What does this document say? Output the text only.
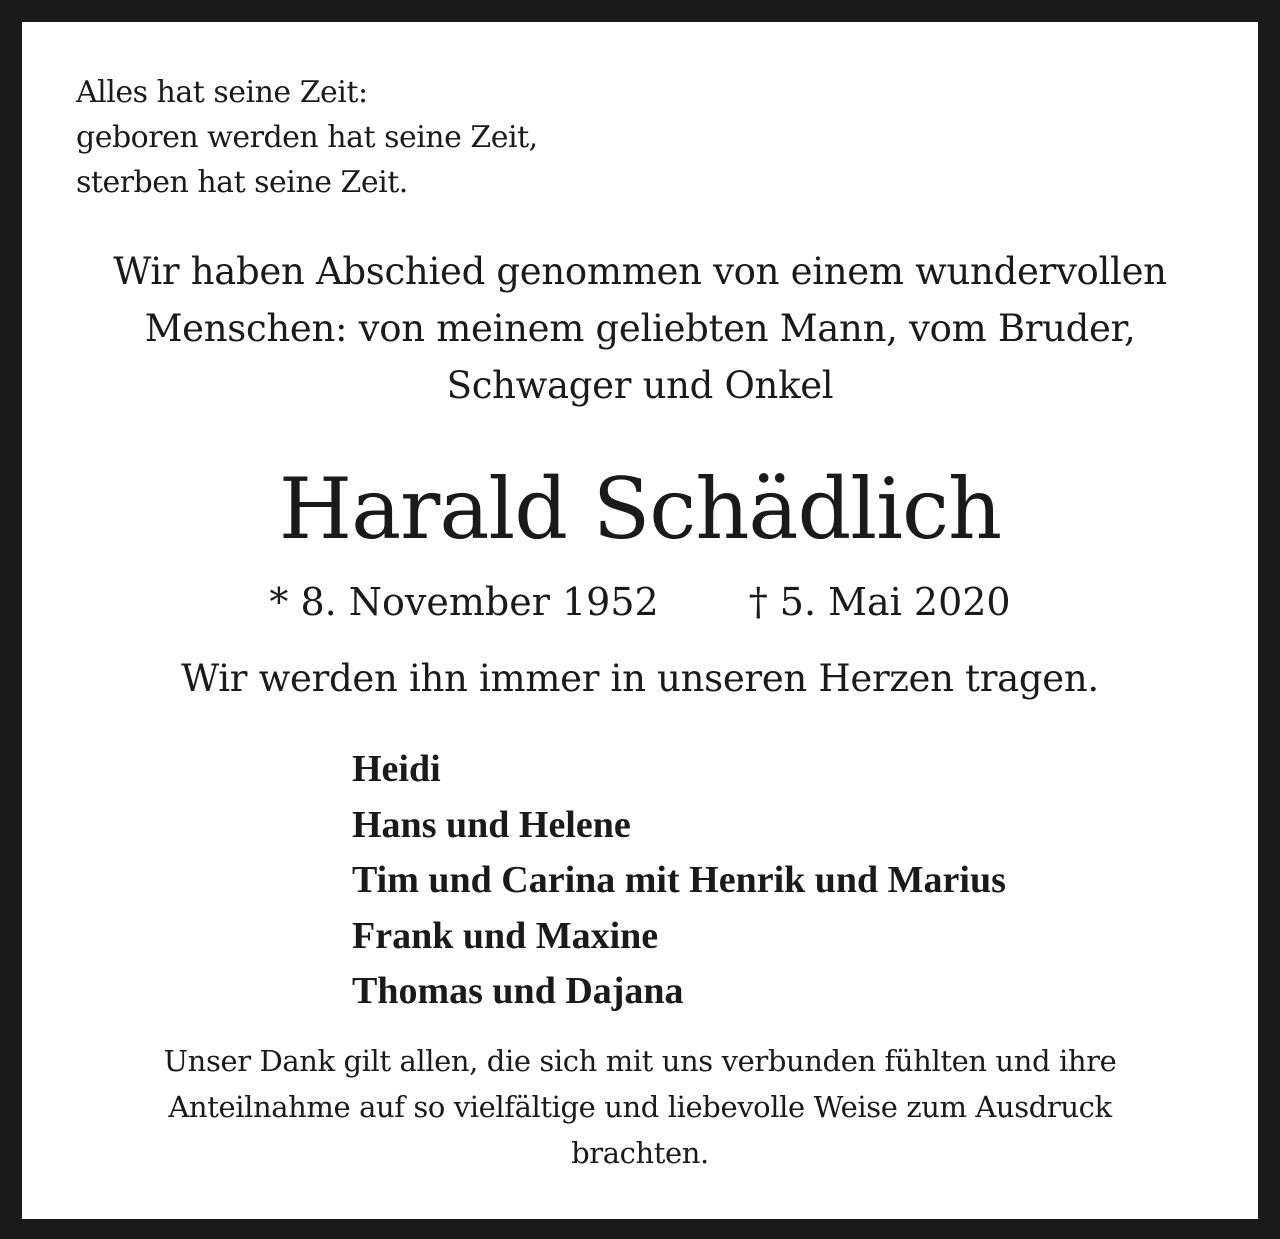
Alles hat seine Zeit:
geboren werden hat seine Zeit,
sterben hat seine Zeit.
Wir haben Abschied genommen von einem wundervollen
Menschen: von meinem geliebten Mann, vom Bruder,
Schwager und Onkel
Harald Schädlich
* 8. November 1952 † 5. Mai 2020
Wir werden ihn immer in unseren Herzen tragen.
Heidi
Hans und Helene
Tim und Carina mit Henrik und Marius
Frank und Maxine
Thomas und Dajana
Unser Dank gilt allen, die sich mit uns verbunden fühlten und ihre
Anteilnahme auf so vielfältige und liebevolle Weise zum Ausdruck
brachten.
